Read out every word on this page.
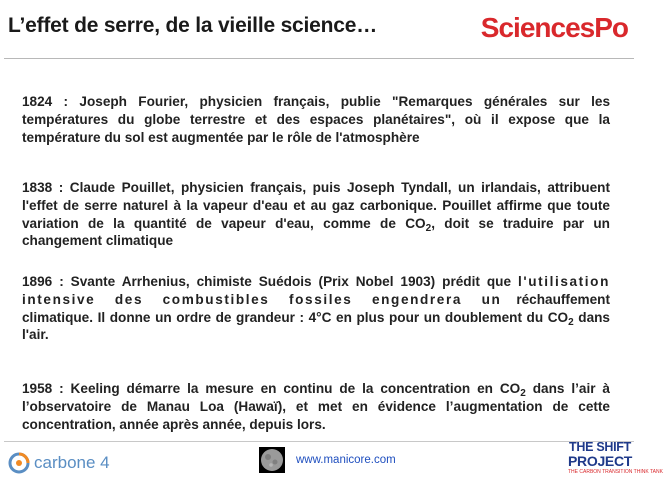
L’effet de serre, de la vieille science…	SciencesPo

1824 : Joseph Fourier, physicien français, publie "Remarques générales sur les températures du globe terrestre et des espaces planétaires", où il expose que la température du sol est augmentée par le rôle de l'atmosphère

1838 : Claude Pouillet, physicien français, puis Joseph Tyndall, un irlandais, attribuent l'effet de serre naturel à la vapeur d'eau et au gaz carbonique. Pouillet affirme que toute variation de la quantité de vapeur d'eau, comme de $CO_2$, doit se traduire par un changement climatique

1896 : Svante Arrhenius, chimiste Suédois (Prix Nobel 1903) prédit que l'utilisation intensive des combustibles fossiles engendrera un réchauffement climatique. Il donne un ordre de grandeur : 4°C en plus pour un doublement du $CO_2$ dans l'air.

1958 : Keeling démarre la mesure en continu de la concentration en $CO_2$ dans l’air à l’observatoire de Manau Loa (Hawaï), et met en évidence l’augmentation de cette concentration, année après année, depuis lors.

carbone 4	www.manicore.com
THE SHIFT
PROJECT
THE CARBON TRANSITION THINK TANK
